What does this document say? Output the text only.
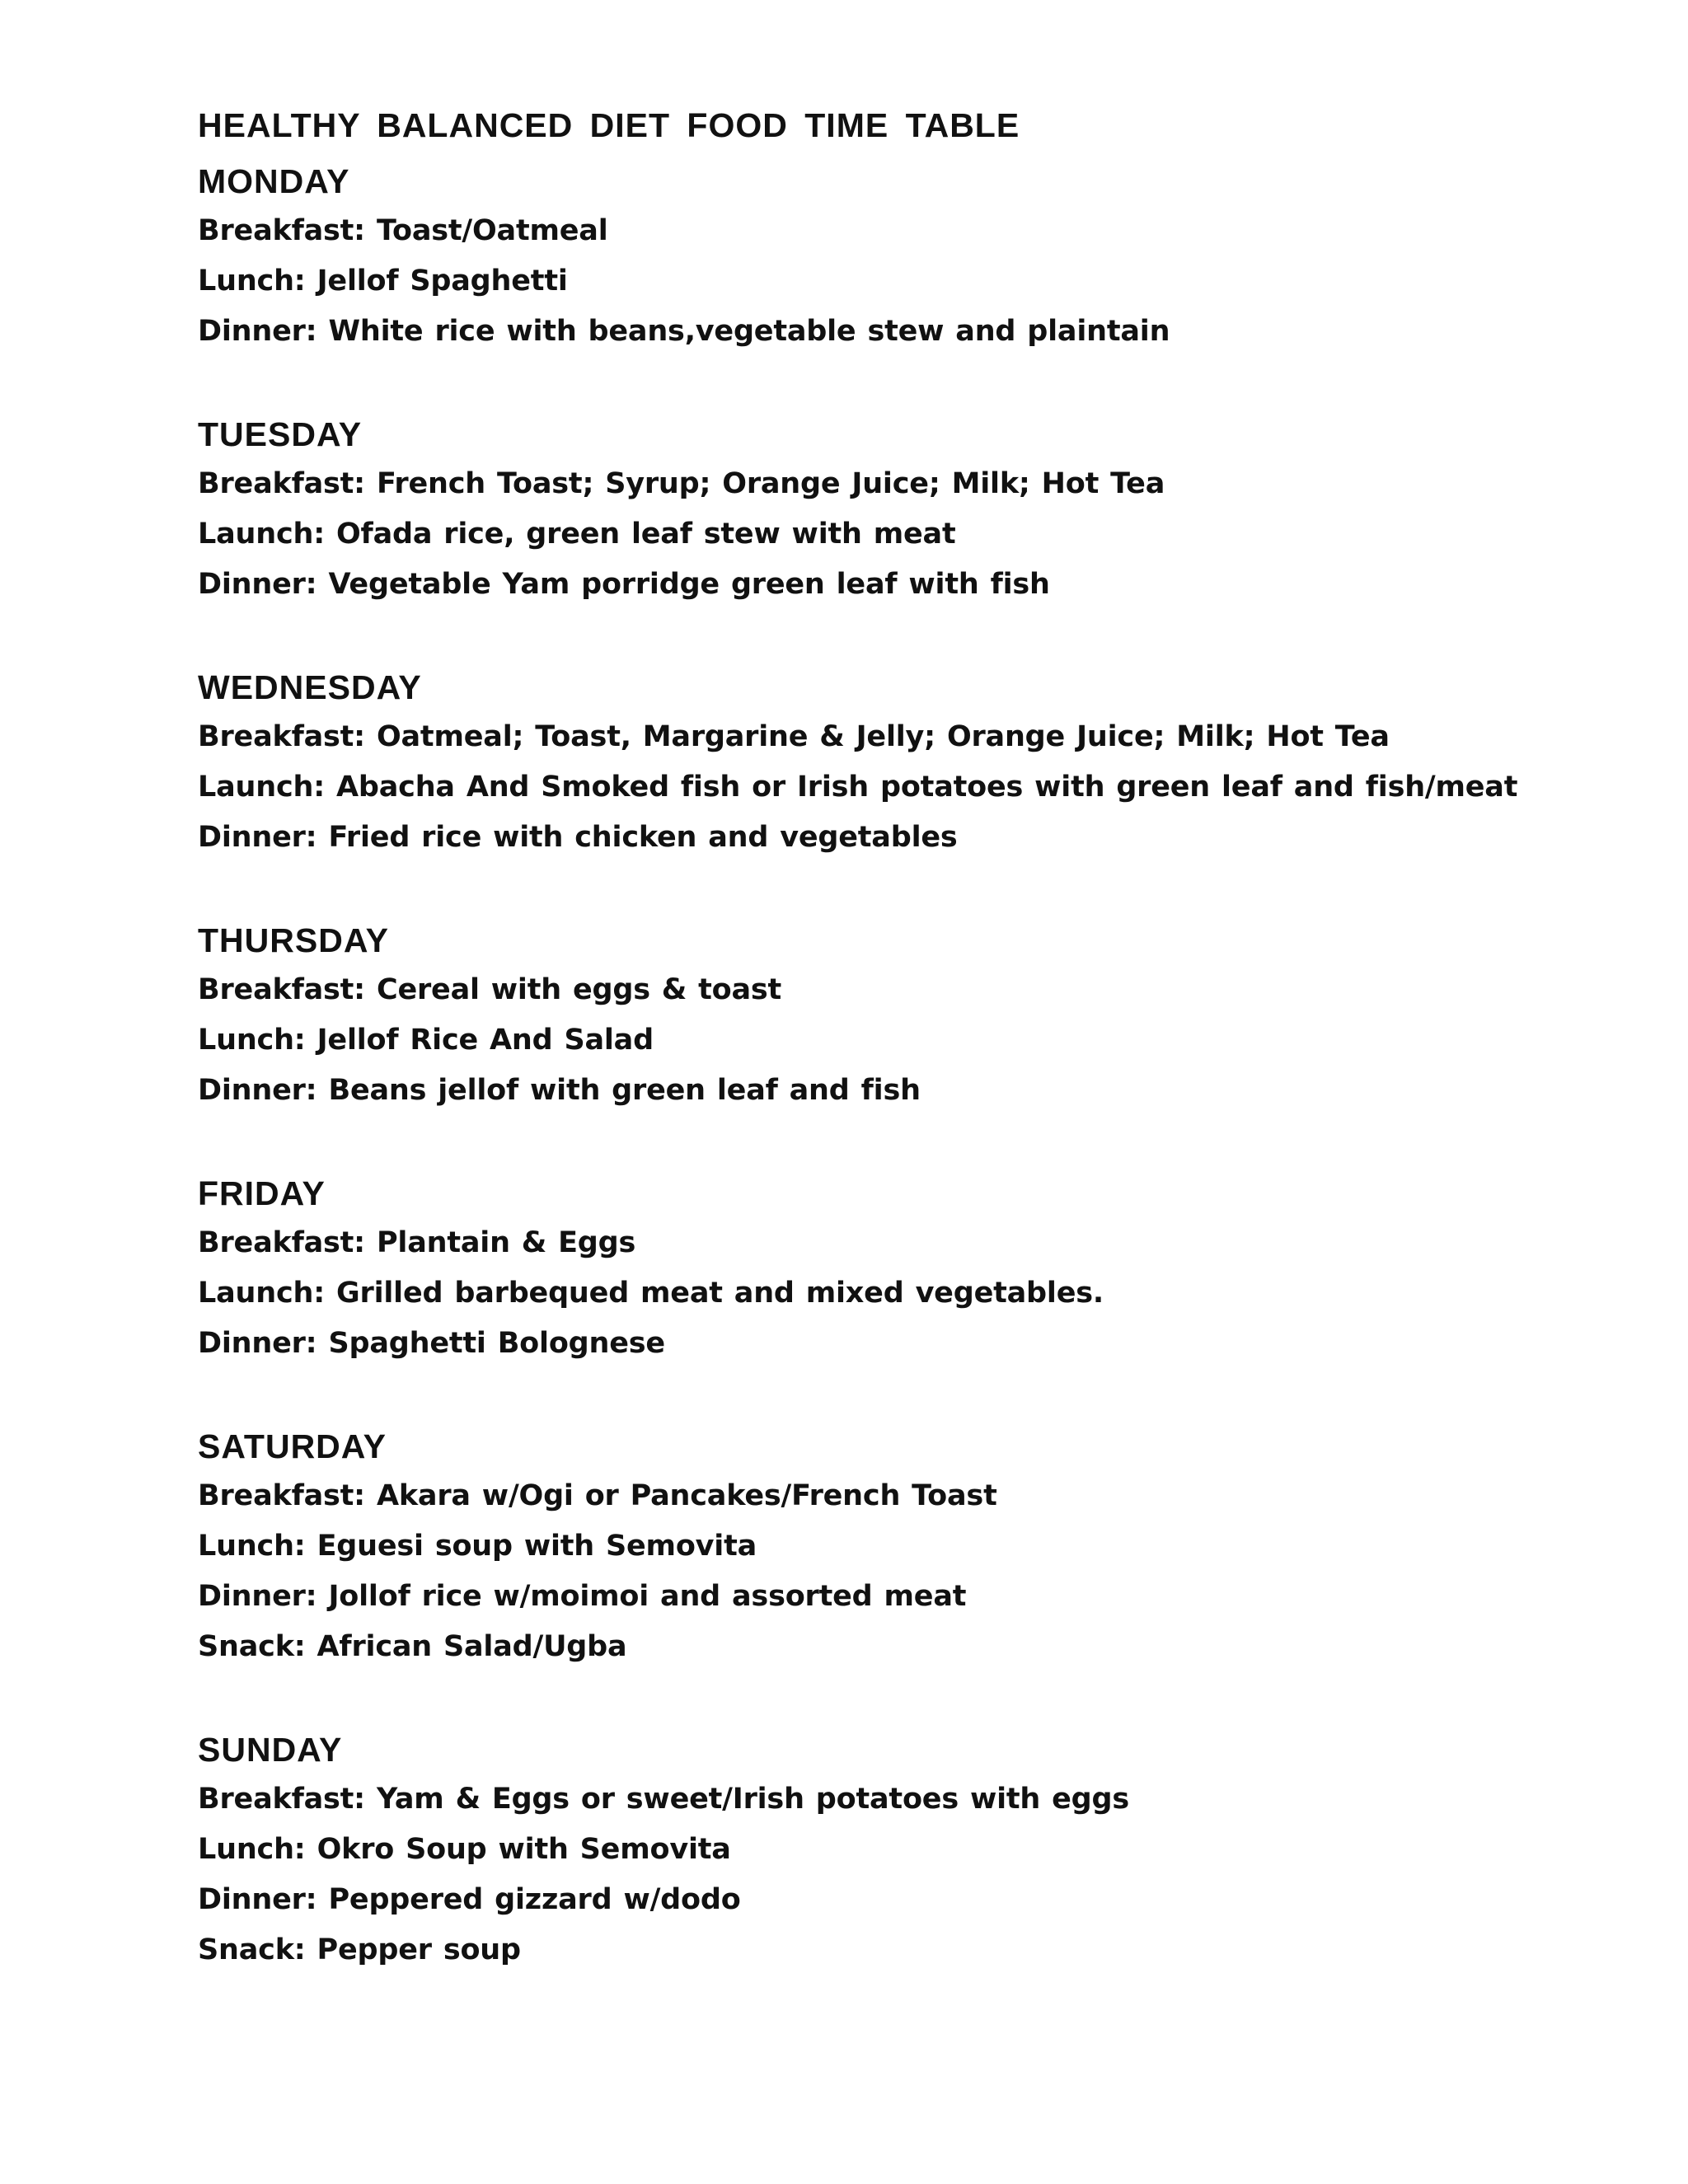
HEALTHY BALANCED DIET FOOD TIME TABLE
MONDAY

Breakfast: Toast/Oatmeal

Lunch: Jellof Spaghetti

Dinner: White rice with beans,vegetable stew and plaintain

TUESDAY

Breakfast: French Toast; Syrup; Orange Juice; Milk; Hot Tea

Launch: Ofada rice, green leaf stew with meat

Dinner: Vegetable Yam porridge green leaf with fish

WEDNESDAY

Breakfast: Oatmeal; Toast, Margarine & Jelly; Orange Juice; Milk; Hot Tea

Launch: Abacha And Smoked fish or Irish potatoes with green leaf and fish/meat

Dinner: Fried rice with chicken and vegetables

THURSDAY

Breakfast: Cereal with eggs & toast

Lunch: Jellof Rice And Salad

Dinner: Beans jellof with green leaf and fish

FRIDAY

Breakfast: Plantain & Eggs

Launch: Grilled barbequed meat and mixed vegetables.

Dinner: Spaghetti Bolognese

SATURDAY

Breakfast: Akara w/Ogi or Pancakes/French Toast

Lunch: Eguesi soup with Semovita

Dinner: Jollof rice w/moimoi and assorted meat

Snack: African Salad/Ugba

SUNDAY

Breakfast: Yam & Eggs or sweet/Irish potatoes with eggs

Lunch: Okro Soup with Semovita

Dinner: Peppered gizzard w/dodo

Snack: Pepper soup
